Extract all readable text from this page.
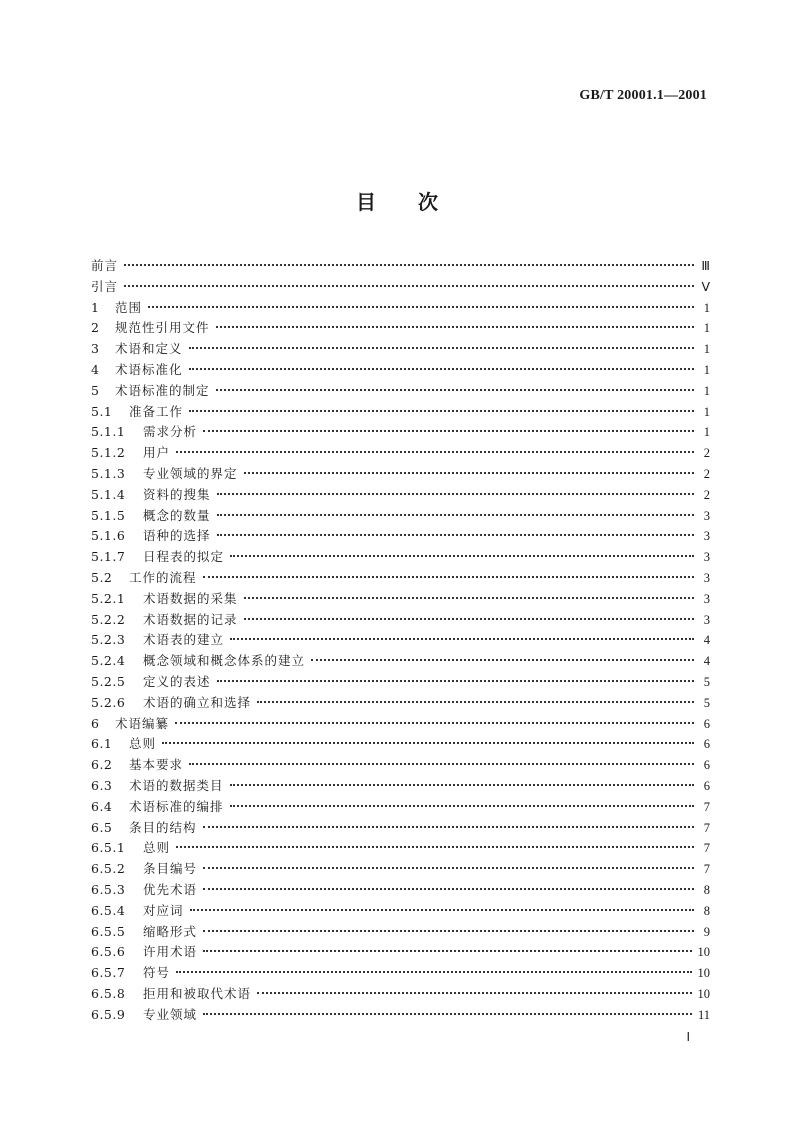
GB/T 20001.1—2001
目次
前言	Ⅲ
引言	Ⅴ
1	范围	1
2	规范性引用文件	1
3	术语和定义	1
4	术语标准化	1
5	术语标准的制定	1
5.1	准备工作	1
5.1.1	需求分析	1
5.1.2	用户	2
5.1.3	专业领域的界定	2
5.1.4	资料的搜集	2
5.1.5	概念的数量	3
5.1.6	语种的选择	3
5.1.7	日程表的拟定	3
5.2	工作的流程	3
5.2.1	术语数据的采集	3
5.2.2	术语数据的记录	3
5.2.3	术语表的建立	4
5.2.4	概念领域和概念体系的建立	4
5.2.5	定义的表述	5
5.2.6	术语的确立和选择	5
6	术语编纂	6
6.1	总则	6
6.2	基本要求	6
6.3	术语的数据类目	6
6.4	术语标准的编排	7
6.5	条目的结构	7
6.5.1	总则	7
6.5.2	条目编号	7
6.5.3	优先术语	8
6.5.4	对应词	8
6.5.5	缩略形式	9
6.5.6	许用术语	10
6.5.7	符号	10
6.5.8	拒用和被取代术语	10
6.5.9	专业领域	11
Ⅰ
